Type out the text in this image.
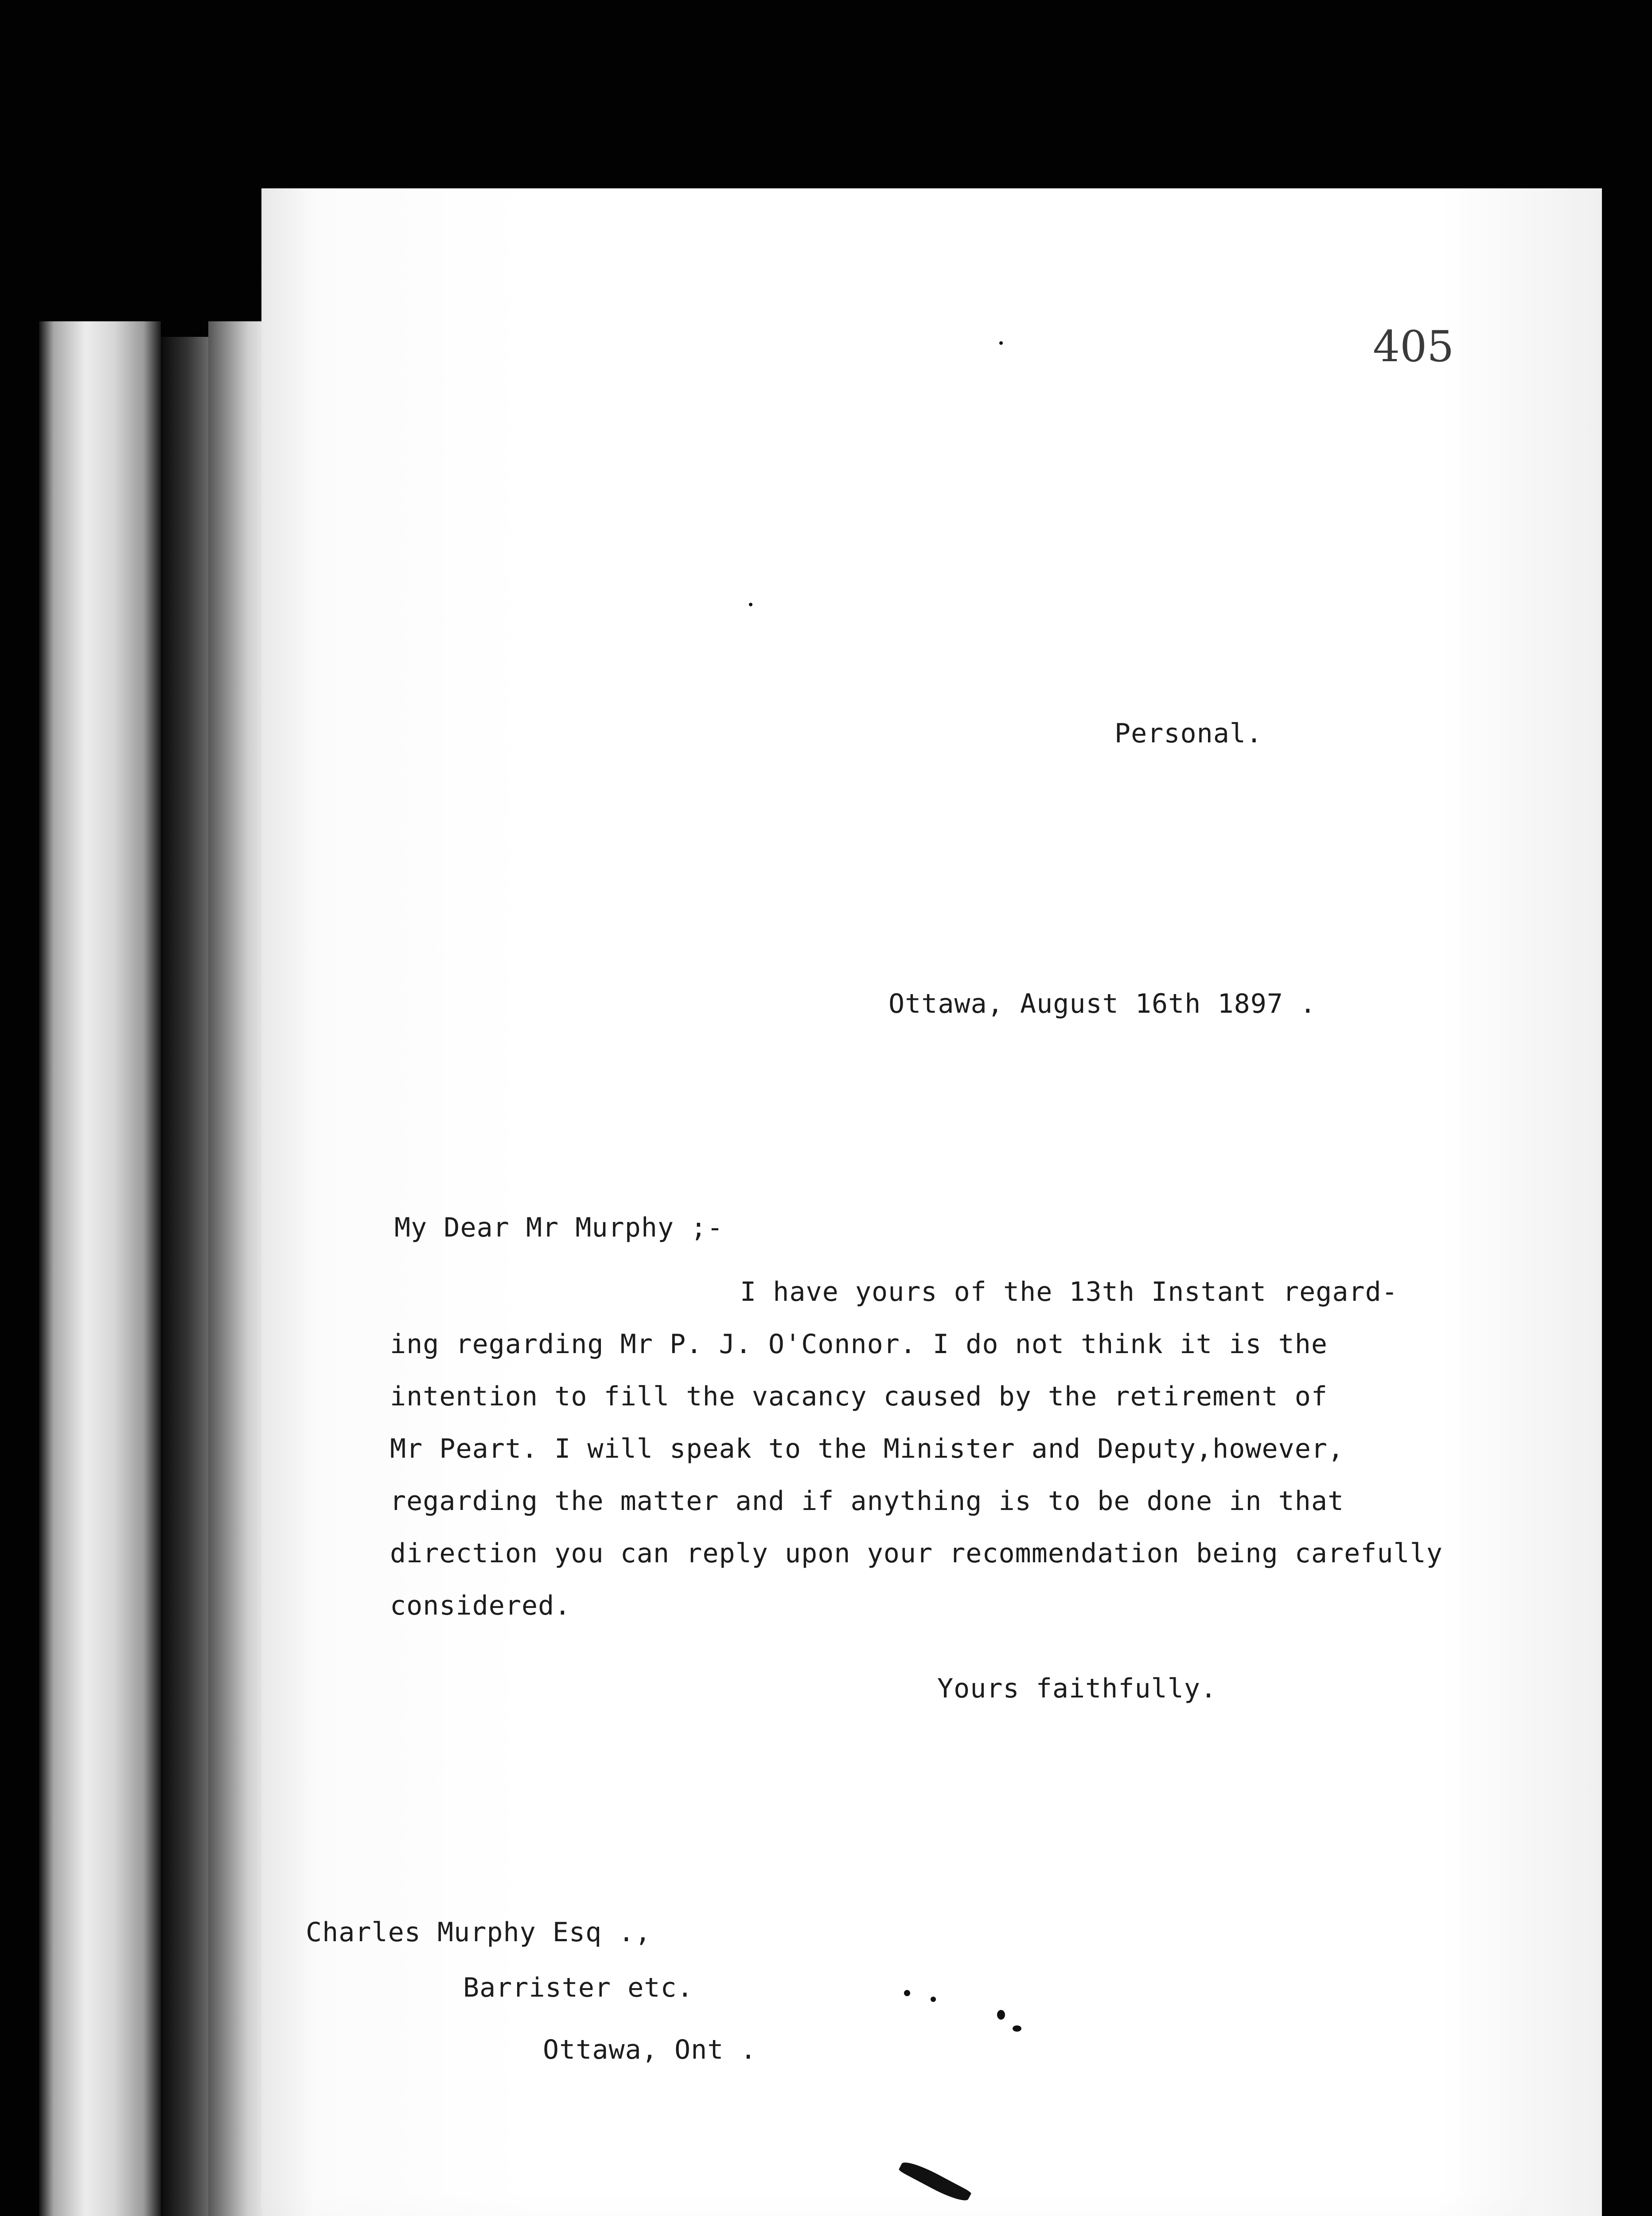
405
Personal.
Ottawa, August 16th 1897 .
My Dear Mr Murphy ;-
I have yours of the 13th Instant regard-
ing regarding Mr P. J. O'Connor. I do not think it is the
intention to fill the vacancy caused by the retirement of
Mr Peart. I will speak to the Minister and Deputy,however,
regarding the matter and if anything is to be done in that
direction you can reply upon your recommendation being carefully
considered.
Yours faithfully.
Charles Murphy Esq .,
Barrister etc.
Ottawa, Ont .
